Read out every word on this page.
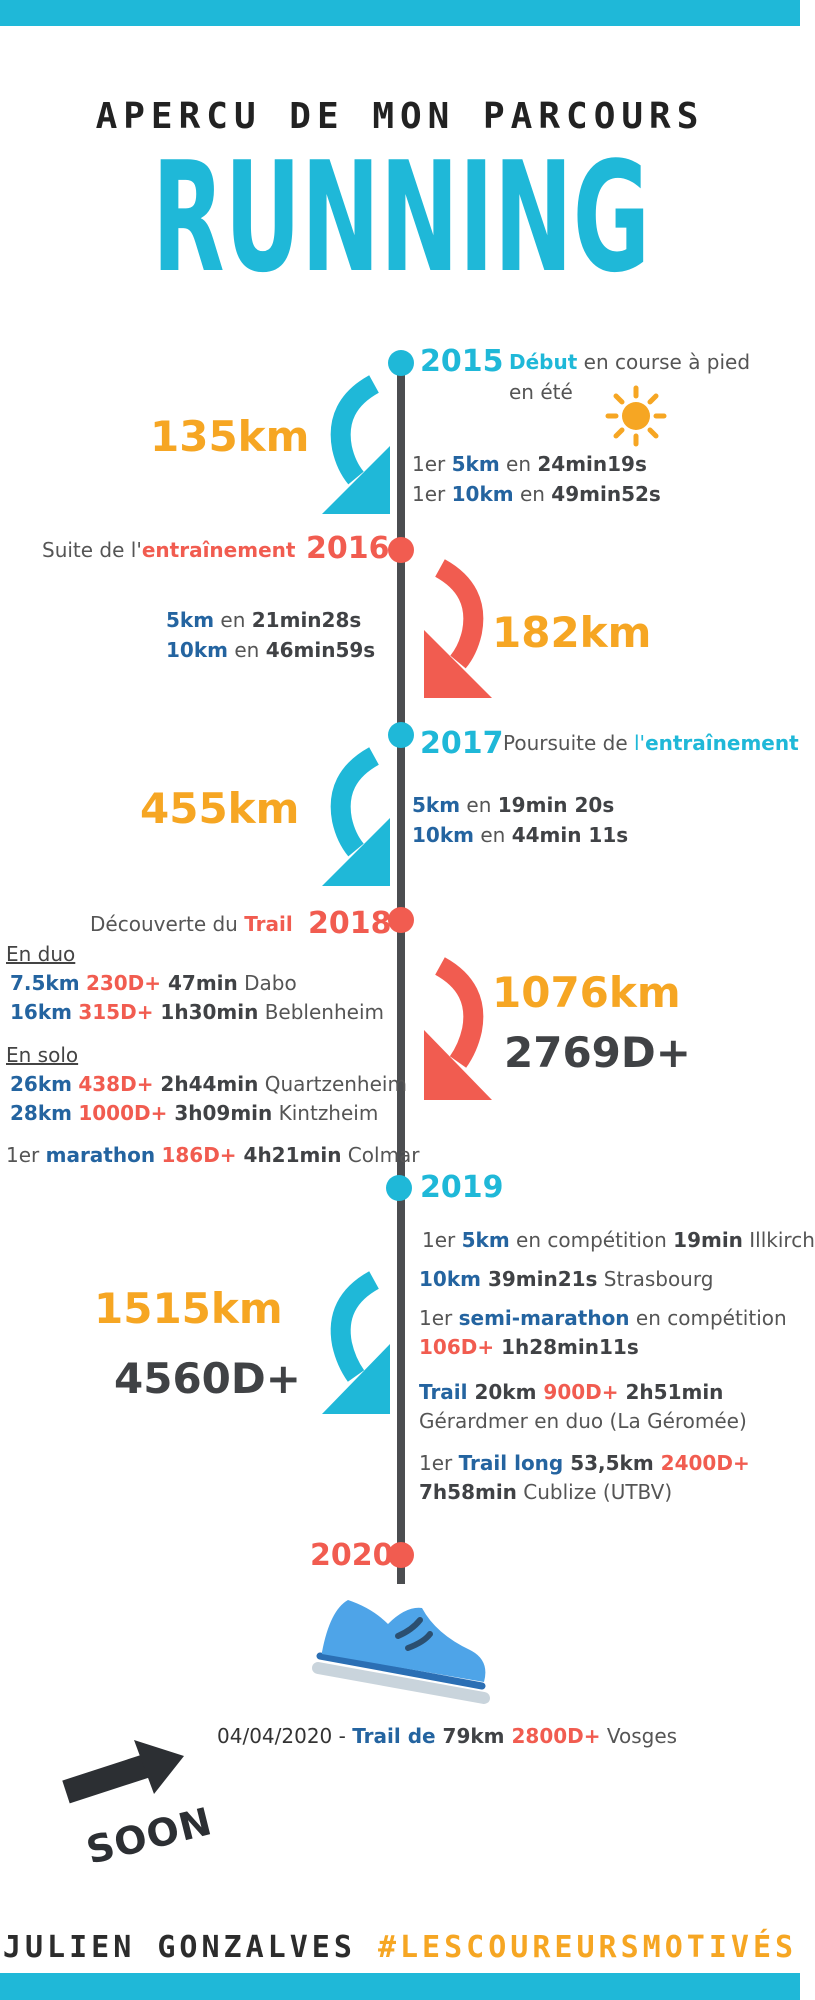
APERCU DE MON PARCOURS
RUNNING
2015 Début en course à pied
en été
135km
1er 5km en 24min19s
1er 10km en 49min52s
2016
Suite de l'entraînement
5km en 21min28s
10km en 46min59s	182km
2017 Poursuite de l'entraînement
455km	5km en 19min 20s
10km en 44min 11s
2018
Découverte du Trail
En duo
7.5km 230D+ 47min Dabo
16km 315D+ 1h30min Beblenheim
En solo
26km 438D+ 2h44min Quartzenheim
28km 1000D+ 3h09min Kintzheim
1er marathon 186D+ 4h21min Colmar
1076km
2769D+
2019
1er 5km en compétition 19min Illkirch
10km 39min21s Strasbourg
1er semi-marathon en compétition
106D+ 1h28min11s
Trail 20km 900D+ 2h51min
Gérardmer en duo (La Géromée)
1er Trail long 53,5km 2400D+
7h58min Cublize (UTBV)
1515km
4560D+
2020
04/04/2020 - Trail de 79km 2800D+ Vosges
SOON
JULIEN GONZALVES #LESCOUREURSMOTIVÉS
